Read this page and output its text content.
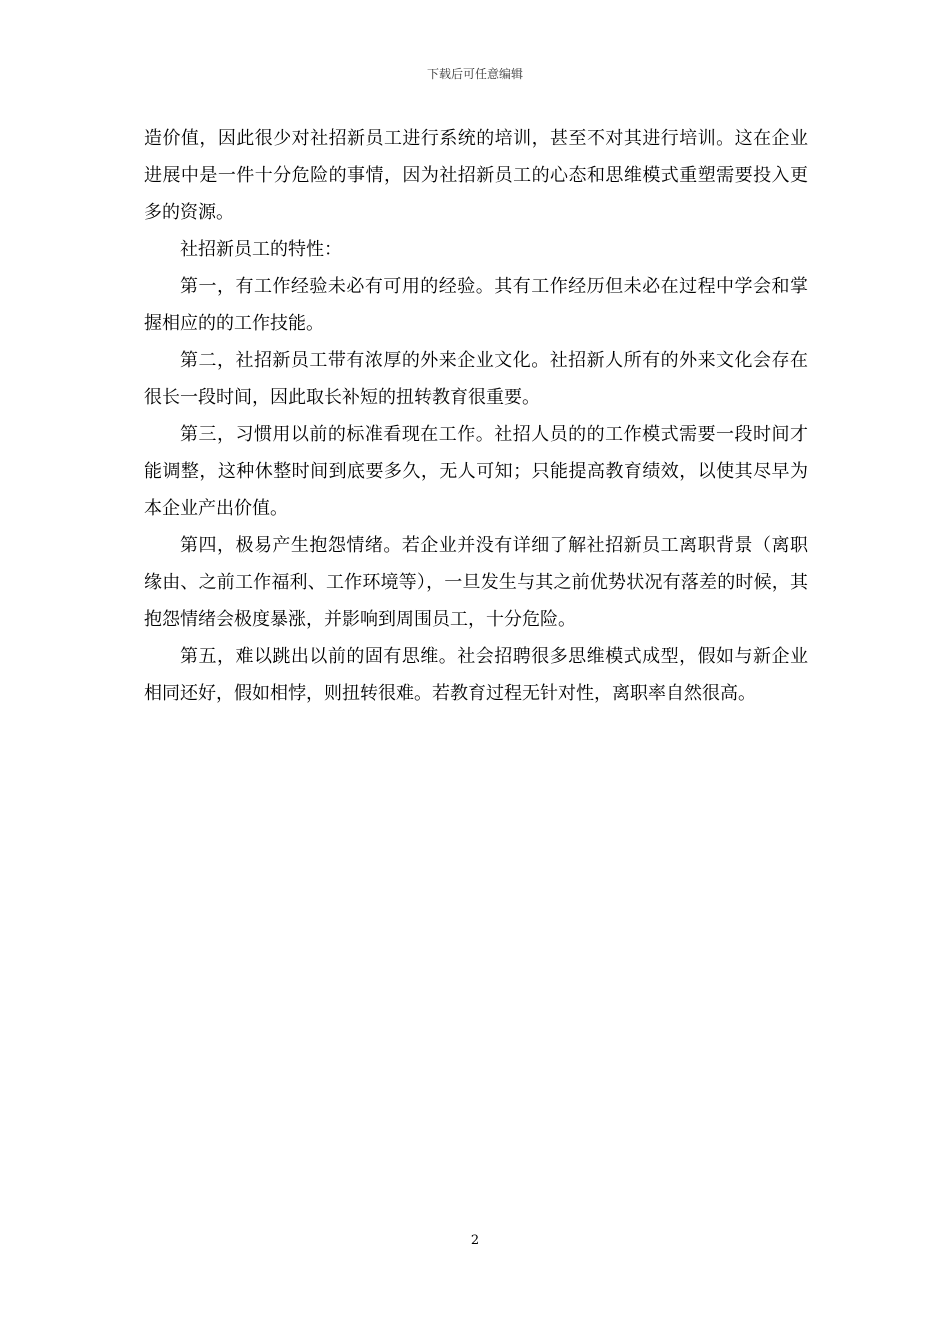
下载后可任意编辑

造价值，因此很少对社招新员工进行系统的培训，甚至不对其进行培训。这在企业进展中是一件十分危险的事情，因为社招新员工的心态和思维模式重塑需要投入更多的资源。

社招新员工的特性：

第一，有工作经验未必有可用的经验。其有工作经历但未必在过程中学会和掌握相应的的工作技能。

第二，社招新员工带有浓厚的外来企业文化。社招新人所有的外来文化会存在很长一段时间，因此取长补短的扭转教育很重要。

第三，习惯用以前的标准看现在工作。社招人员的的工作模式需要一段时间才能调整，这种休整时间到底要多久，无人可知；只能提高教育绩效，以使其尽早为本企业产出价值。

第四，极易产生抱怨情绪。若企业并没有详细了解社招新员工离职背景（离职缘由、之前工作福利、工作环境等），一旦发生与其之前优势状况有落差的时候，其抱怨情绪会极度暴涨，并影响到周围员工，十分危险。

第五，难以跳出以前的固有思维。社会招聘很多思维模式成型，假如与新企业相同还好，假如相悖，则扭转很难。若教育过程无针对性，离职率自然很高。

2
